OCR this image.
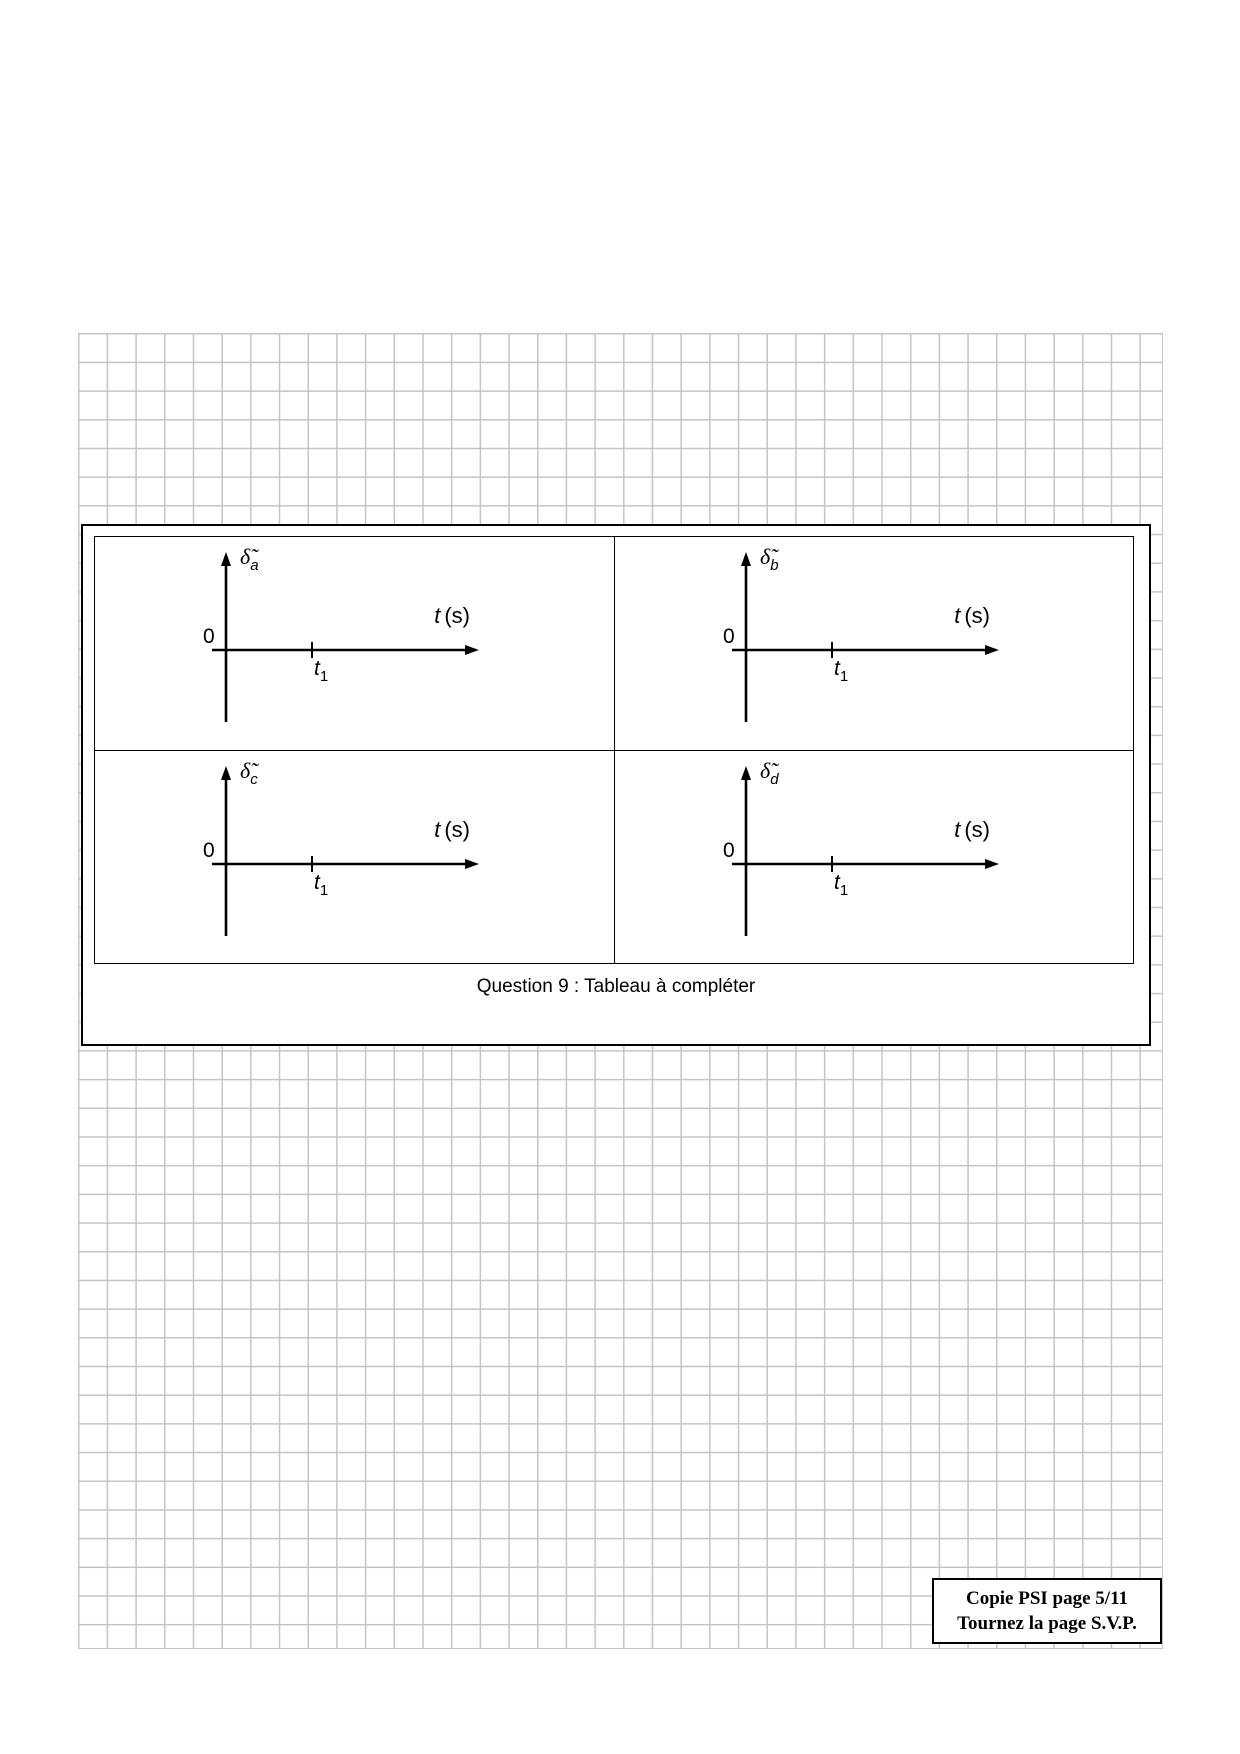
$\deltã_a$
0
t (s)
$t_1$
$\deltã_b$
0
t (s)
$t_1$
$\deltã_c$
0
t (s)
$t_1$
$\deltã_d$
0
t (s)
$t_1$
Question 9 : Tableau à compléter
Copie PSI page 5/11
Tournez la page S.V.P.
